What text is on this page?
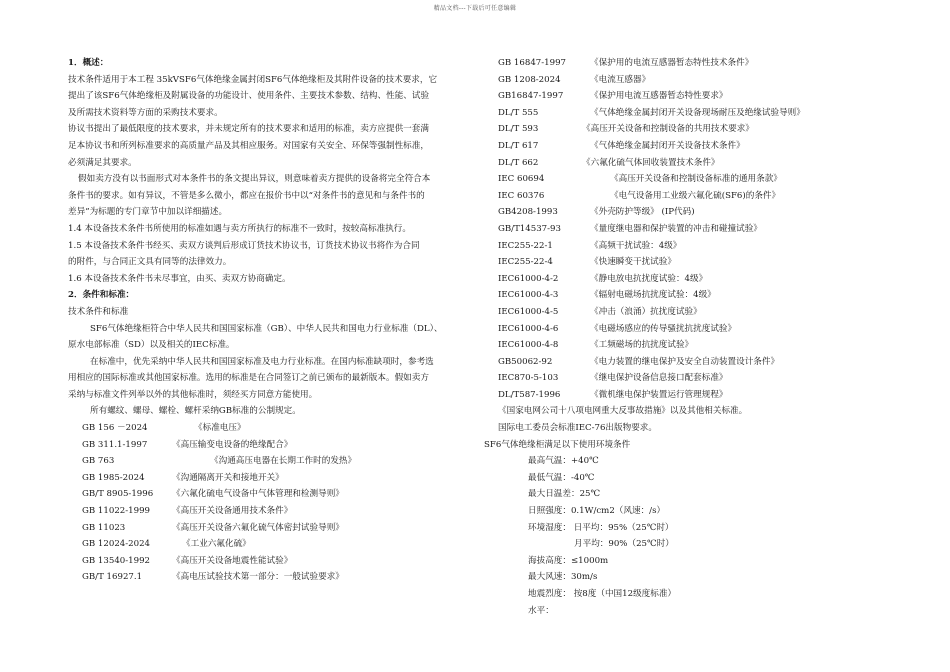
精品文档---下载后可任意编辑
1．概述：
技术条件适用于本工程 35kVSF6气体绝缘金属封闭SF6气体绝缘柜及其附件设备的技术要求，它
提出了该SF6气体绝缘柜及附属设备的功能设计、使用条件、主要技术参数、结构、性能、试验
及所需技术资料等方面的采购技术要求。
协议书提出了最低限度的技术要求，并未规定所有的技术要求和适用的标准，卖方应提供一套满
足本协议书和所列标准要求的高质量产品及其相应服务。对国家有关安全、环保等强制性标准，
必须满足其要求。
假如卖方没有以书面形式对本条件书的条文提出异议，则意味着卖方提供的设备将完全符合本
条件书的要求。如有异议，不管是多么微小，都应在报价书中以“对条件书的意见和与条件书的
差异”为标题的专门章节中加以详细描述。
1.4 本设备技术条件书所使用的标准如遇与卖方所执行的标准不一致时，按较高标准执行。
1.5 本设备技术条件书经买、卖双方谈判后形成订货技术协议书，订货技术协议书将作为合同
的附件，与合同正文具有同等的法律效力。
1.6 本设备技术条件书未尽事宜，由买、卖双方协商确定。
2．条件和标准：
技术条件和标准
SF6气体绝缘柜符合中华人民共和国国家标准（GB）、中华人民共和国电力行业标准（DL）、
原水电部标准（SD）以及相关的IEC标准。
在标准中，优先采纳中华人民共和国国家标准及电力行业标准。在国内标准缺项时，参考选
用相应的国际标准或其他国家标准。选用的标准是在合同签订之前已颁布的最新版本。假如卖方
采纳与标准文件列举以外的其他标准时，须经买方同意方能使用。
所有螺纹、螺母、螺栓、螺杆采纳GB标准的公制规定。
GB 156 －2024	《标准电压》
GB 311.1-1997	《高压输变电设备的绝缘配合》
GB 763	《沟通高压电器在长期工作时的发热》
GB 1985-2024	《沟通隔离开关和接地开关》
GB/T 8905-1996	《六氟化硫电气设备中气体管理和检测导则》
GB 11022-1999	《高压开关设备通用技术条件》
GB 11023	《高压开关设备六氟化硫气体密封试验导则》
GB 12024-2024	《工业六氟化硫》
GB 13540-1992	《高压开关设备地震性能试验》
GB/T 16927.1	《高电压试验技术第一部分：一般试验要求》
GB 16847-1997	《保护用的电流互感器暂态特性技术条件》
GB 1208-2024	《电流互感器》
GB16847-1997	《保护用电流互感器暂态特性要求》
DL/T 555	《气体绝缘金属封闭开关设备现场耐压及绝缘试验导则》
DL/T 593	《高压开关设备和控制设备的共用技术要求》
DL/T 617	《气体绝缘金属封闭开关设备技术条件》
DL/T 662	《六氟化硫气体回收装置技术条件》
IEC 60694	《高压开关设备和控制设备标准的通用条款》
IEC 60376	《电气设备用工业级六氟化硫(SF6)的条件》
GB4208-1993	《外壳防护等级》 (IP代码)
GB/T14537-93	《量度继电器和保护装置的冲击和碰撞试验》
IEC255-22-1	《高频干扰试验：4级》
IEC255-22-4	《快速瞬变干扰试验》
IEC61000-4-2	《静电放电抗扰度试验：4级》
IEC61000-4-3	《辐射电磁场抗扰度试验：4级》
IEC61000-4-5	《冲击（浪涌）抗扰度试验》
IEC61000-4-6	《电磁场感应的传导骚扰抗扰度试验》
IEC61000-4-8	《工频磁场的抗扰度试验》
GB50062-92	《电力装置的继电保护及安全自动装置设计条件》
IEC870-5-103	《继电保护设备信息接口配套标准》
DL/T587-1996	《微机继电保护装置运行管理规程》
《国家电网公司十八项电网重大反事故措施》以及其他相关标准。
国际电工委员会标准IEC-76出版物要求。
SF6气体绝缘柜满足以下使用环境条件
最高气温：+40℃
最低气温：-40℃
最大日温差：25℃
日照强度：0.1W/cm2（风速：/s）
环境湿度： 日平均：95%（25℃时）
月平均：90%（25℃时）
海拔高度：≤1000m
最大风速：30m/s
地震烈度： 按8度（中国12级度标准）
水平：
